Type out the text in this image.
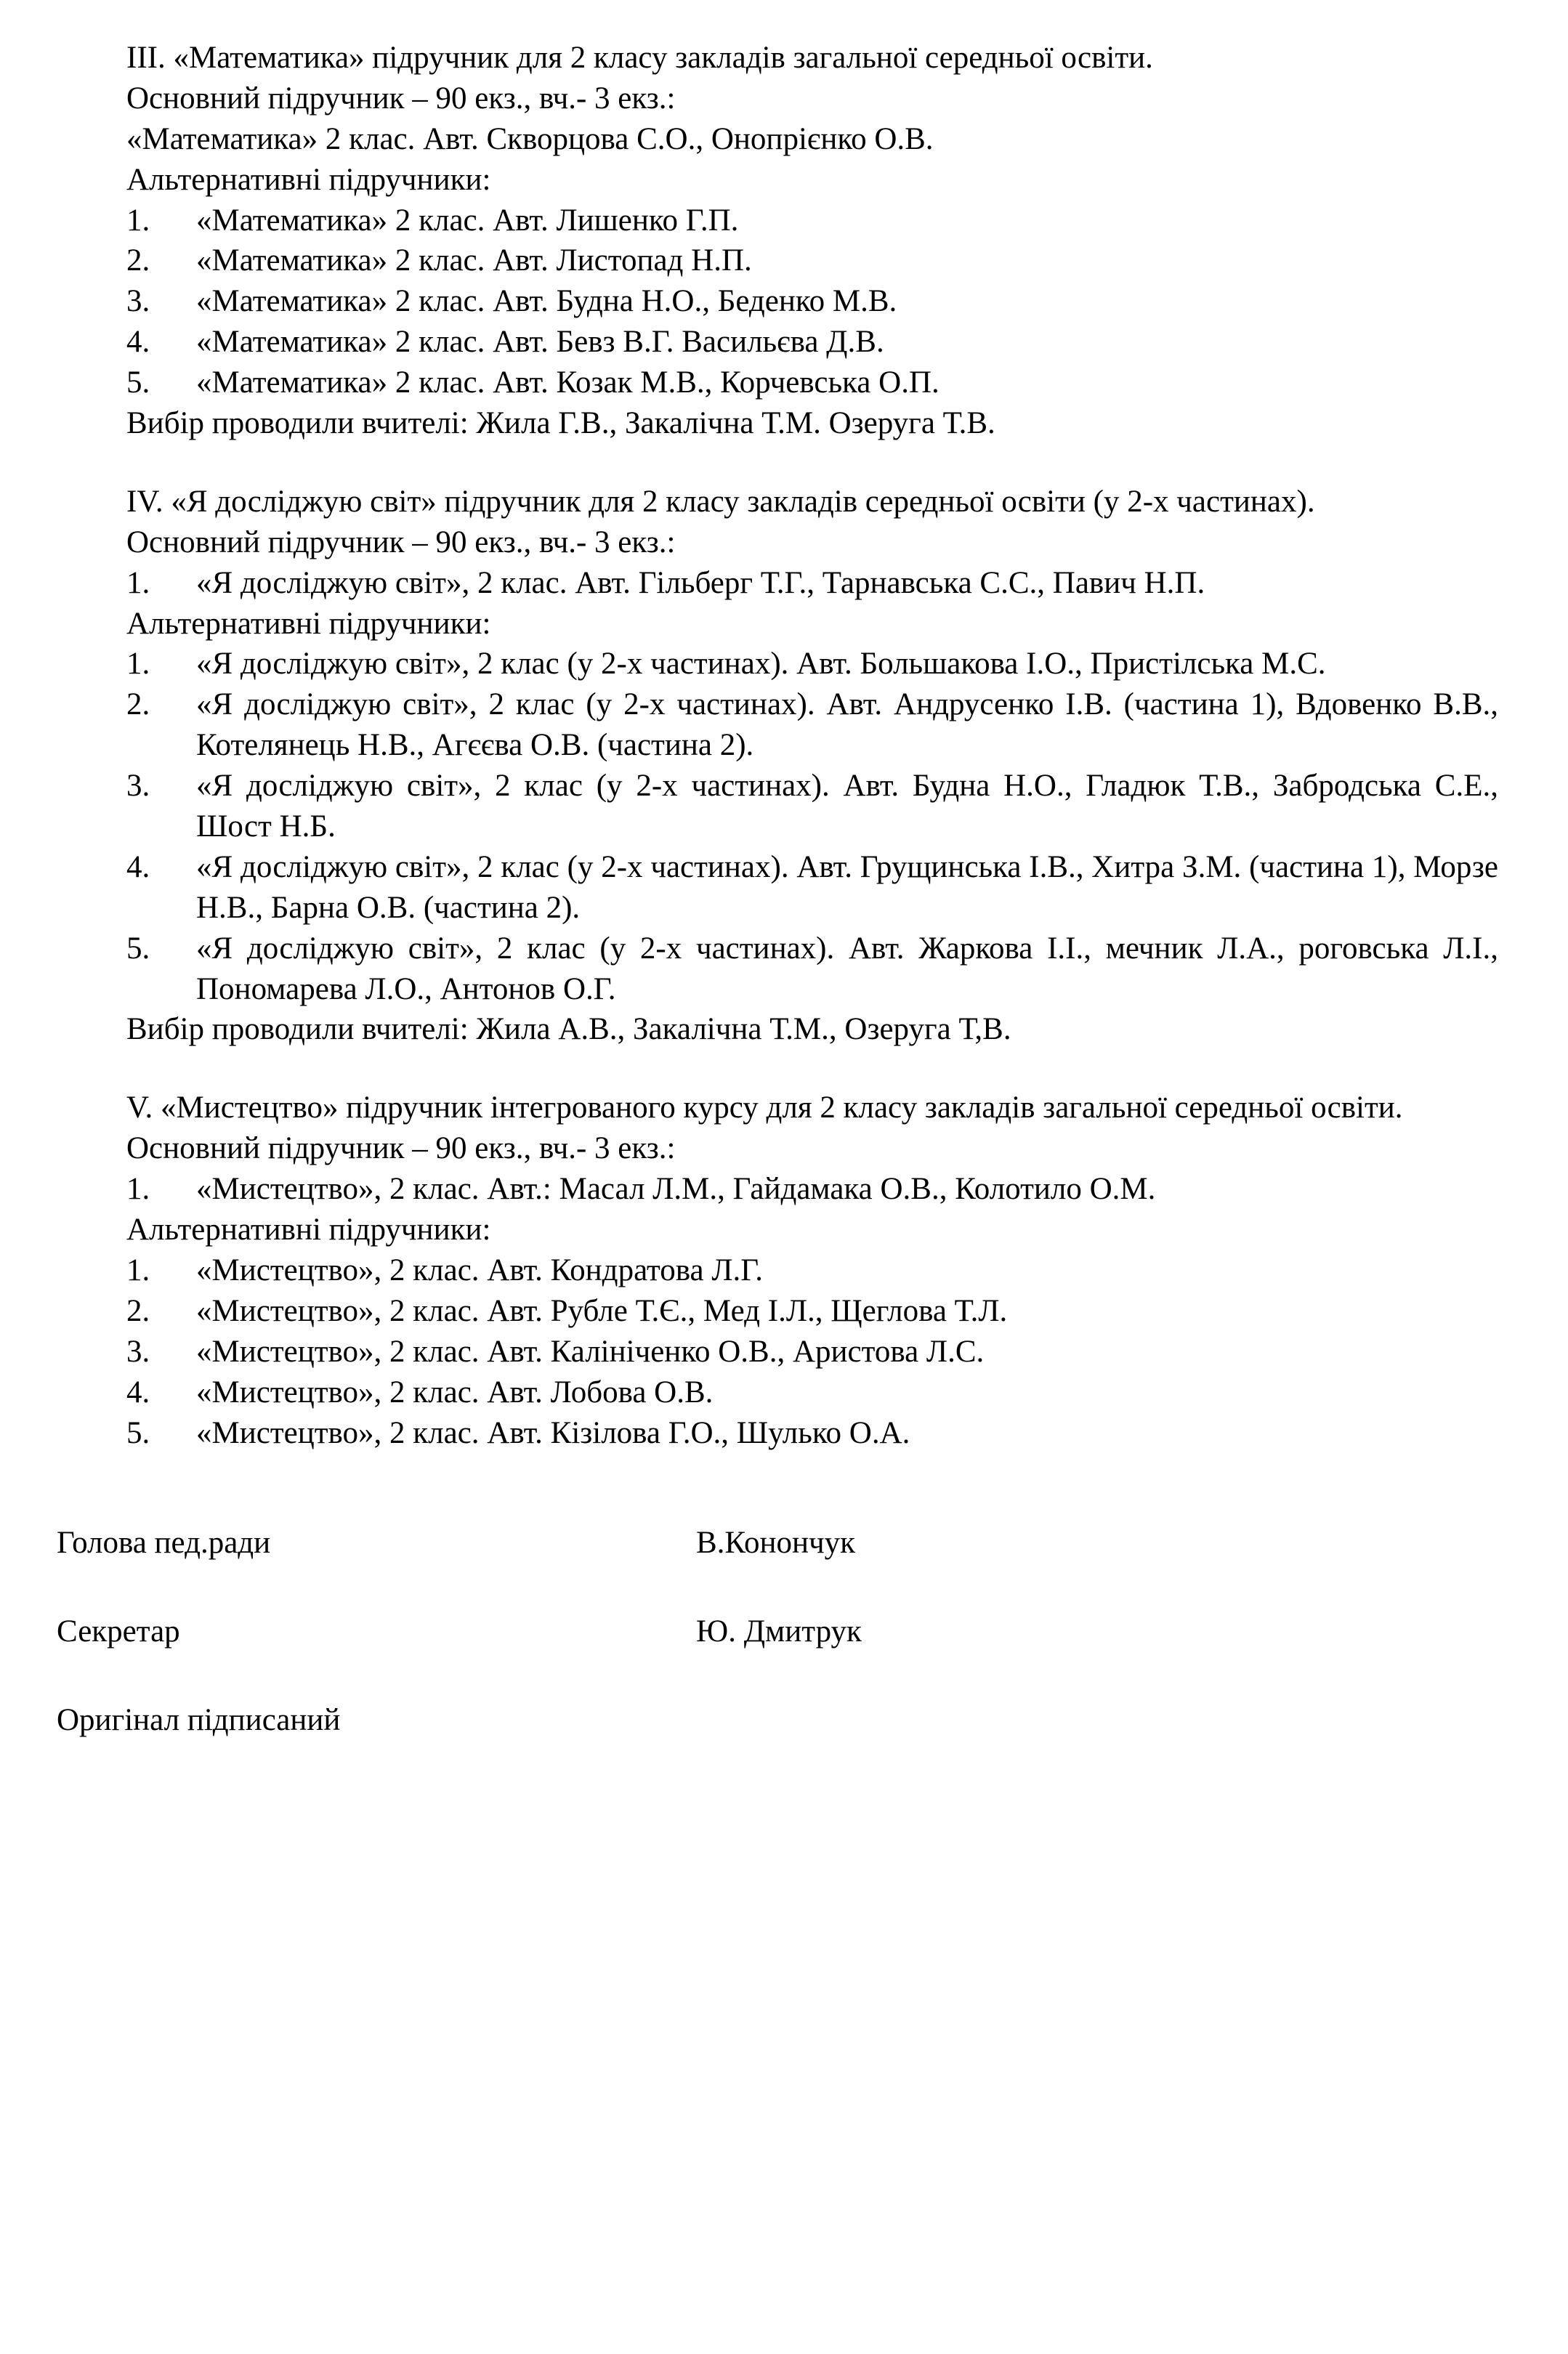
III. «Математика» підручник для 2 класу закладів загальної середньої освіти.

Основний підручник – 90 екз., вч.- 3 екз.:

«Математика» 2 клас. Авт. Скворцова С.О., Онопрієнко О.В.

Альтернативні підручники:

1.	«Математика» 2 клас. Авт. Лишенко Г.П.
2.	«Математика» 2 клас. Авт. Листопад Н.П.
3.	«Математика» 2 клас. Авт. Будна Н.О., Беденко М.В.
4.	«Математика» 2 клас. Авт. Бевз В.Г. Васильєва Д.В.
5.	«Математика» 2 клас. Авт. Козак М.В., Корчевська О.П.

Вибір проводили вчителі: Жила Г.В., Закалічна Т.М. Озеруга Т.В.

IV. «Я досліджую світ» підручник для 2 класу закладів середньої освіти (у 2-х частинах).

Основний підручник – 90 екз., вч.- 3 екз.:

1.	«Я досліджую світ», 2 клас. Авт. Гільберг Т.Г., Тарнавська С.С., Павич Н.П.

Альтернативні підручники:

1.	«Я досліджую світ», 2 клас (у 2-х частинах). Авт. Большакова І.О., Пристілська М.С.
2.	«Я досліджую світ», 2 клас (у 2-х частинах). Авт. Андрусенко І.В. (частина 1), Вдовенко В.В., Котелянець Н.В., Агєєва О.В. (частина 2).
3.	«Я досліджую світ», 2 клас (у 2-х частинах). Авт. Будна Н.О., Гладюк Т.В., Забродська С.Е., Шост Н.Б.
4.	«Я досліджую світ», 2 клас (у 2-х частинах). Авт. Грущинська І.В., Хитра З.М. (частина 1), Морзе Н.В., Барна О.В. (частина 2).
5.	«Я досліджую світ», 2 клас (у 2-х частинах). Авт. Жаркова І.І., мечник Л.А., роговська Л.І., Пономарева Л.О., Антонов О.Г.

Вибір проводили вчителі: Жила А.В., Закалічна Т.М., Озеруга Т,В.

V. «Мистецтво» підручник інтегрованого курсу для 2 класу закладів загальної середньої освіти.

Основний підручник – 90 екз., вч.- 3 екз.:

1.	«Мистецтво», 2 клас. Авт.: Масал Л.М., Гайдамака О.В., Колотило О.М.

Альтернативні підручники:

1.	«Мистецтво», 2 клас. Авт. Кондратова Л.Г.
2.	«Мистецтво», 2 клас. Авт. Рубле Т.Є., Мед І.Л., Щеглова Т.Л.
3.	«Мистецтво», 2 клас. Авт. Калініченко О.В., Аристова Л.С.
4.	«Мистецтво», 2 клас. Авт. Лобова О.В.
5.	«Мистецтво», 2 клас. Авт. Кізілова Г.О., Шулько О.А.
Голова пед.ради	В.Конончук
Секретар	Ю. Дмитрук

Оригінал підписаний
